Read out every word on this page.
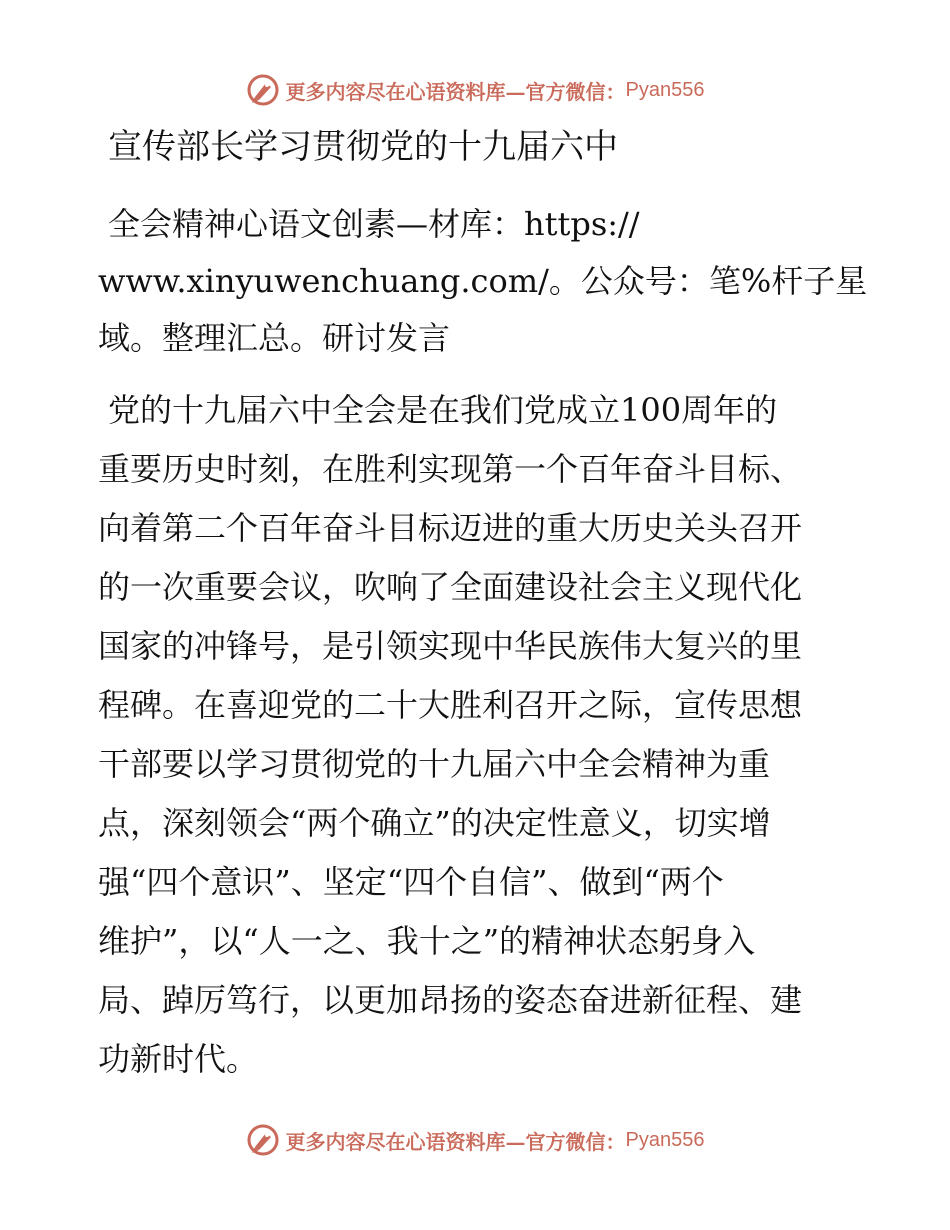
更多内容尽在心语资料库—官方微信： Pyan556
宣传部长学习贯彻党的十九届六中
全会精神心语文创素—材库：https://
www.xinyuwenchuang.com/。公众号：笔%杆子星
域。整理汇总。研讨发言
党的十九届六中全会是在我们党成立100周年的
重要历史时刻，在胜利实现第一个百年奋斗目标、
向着第二个百年奋斗目标迈进的重大历史关头召开
的一次重要会议，吹响了全面建设社会主义现代化
国家的冲锋号，是引领实现中华民族伟大复兴的里
程碑。在喜迎党的二十大胜利召开之际，宣传思想
干部要以学习贯彻党的十九届六中全会精神为重
点，深刻领会“两个确立”的决定性意义，切实增
强“四个意识”、坚定“四个自信”、做到“两个
维护”，以“人一之、我十之”的精神状态躬身入
局、踔厉笃行，以更加昂扬的姿态奋进新征程、建
功新时代。
更多内容尽在心语资料库—官方微信： Pyan556
